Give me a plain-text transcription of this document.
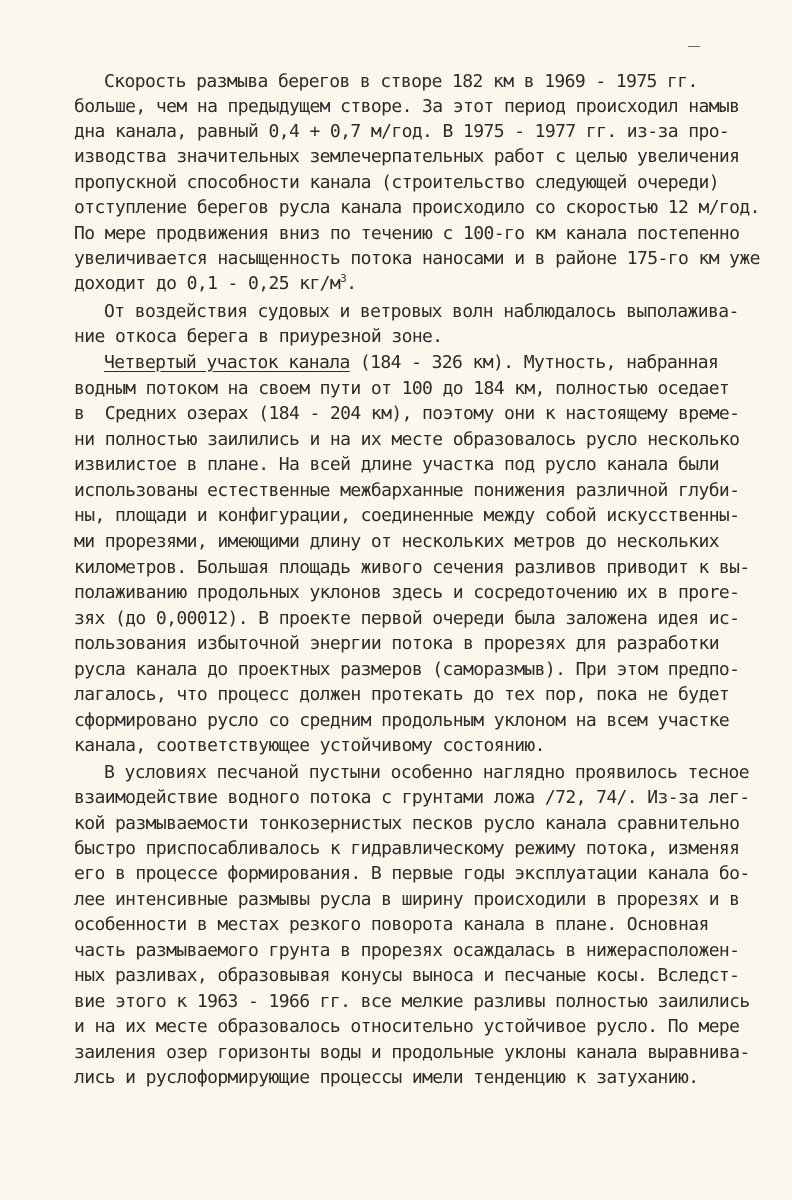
Скорость размыва берегов в створе 182 км в 1969 - 1975 гг.
больше, чем на предыдущем створе. За этот период происходил намыв
дна канала, равный 0,4 + 0,7 м/год. В 1975 - 1977 гг. из-за про-
изводства значительных землечерпательных работ с целью увеличения
пропускной способности канала (строительство следующей очереди)
отступление берегов русла канала происходило со скоростью 12 м/год.
По мере продвижения вниз по течению с 100-го км канала постепенно
увеличивается насыщенность потока наносами и в районе 175-го км уже
доходит до 0,1 - 0,25 $кг/м^3$.
От воздействия судовых и ветровых волн наблюдалось выполажива-
ние откоса берега в приурезной зоне.
Четвертый участок канала (184 - 326 км). Мутность, набранная
водным потоком на своем пути от 100 до 184 км, полностью оседает
в  Средних озерах (184 - 204 км), поэтому они к настоящему време-
ни полностью заилились и на их месте образовалось русло несколько
извилистое в плане. На всей длине участка под русло канала были
использованы естественные межбарханные понижения различной глуби-
ны, площади и конфигурации, соединенные между собой искусственны-
ми прорезями, имеющими длину от нескольких метров до нескольких
километров. Большая площадь живого сечения разливов приводит к вы-
полаживанию продольных уклонов здесь и сосредоточению их в прore-
зях (до 0,00012). В проекте первой очереди была заложена идея ис-
пользования избыточной энергии потока в прорезях для разработки
русла канала до проектных размеров (саморазмыв). При этом предпо-
лагалось, что процесс должен протекать до тех пор, пока не будет
сформировано русло со средним продольным уклоном на всем участке
канала, соответствующее устойчивому состоянию.
В условиях песчаной пустыни особенно наглядно проявилось тесное
взаимодействие водного потока с грунтами ложа /72, 74/. Из-за лег-
кой размываемости тонкозернистых песков русло канала сравнительно
быстро приспосабливалось к гидравлическому режиму потока, изменяя
его в процессе формирования. В первые годы эксплуатации канала бо-
лее интенсивные размывы русла в ширину происходили в прорезях и в
особенности в местах резкого поворота канала в плане. Основная
часть размываемого грунта в прорезях осаждалась в нижерасположен-
ных разливах, образовывая конусы выноса и песчаные косы. Вследст-
вие этого к 1963 - 1966 гг. все мелкие разливы полностью заилились
и на их месте образовалось относительно устойчивое русло. По мере
заиления озер горизонты воды и продольные уклоны канала выравнива-
лись и руслоформирующие процессы имели тенденцию к затуханию.
